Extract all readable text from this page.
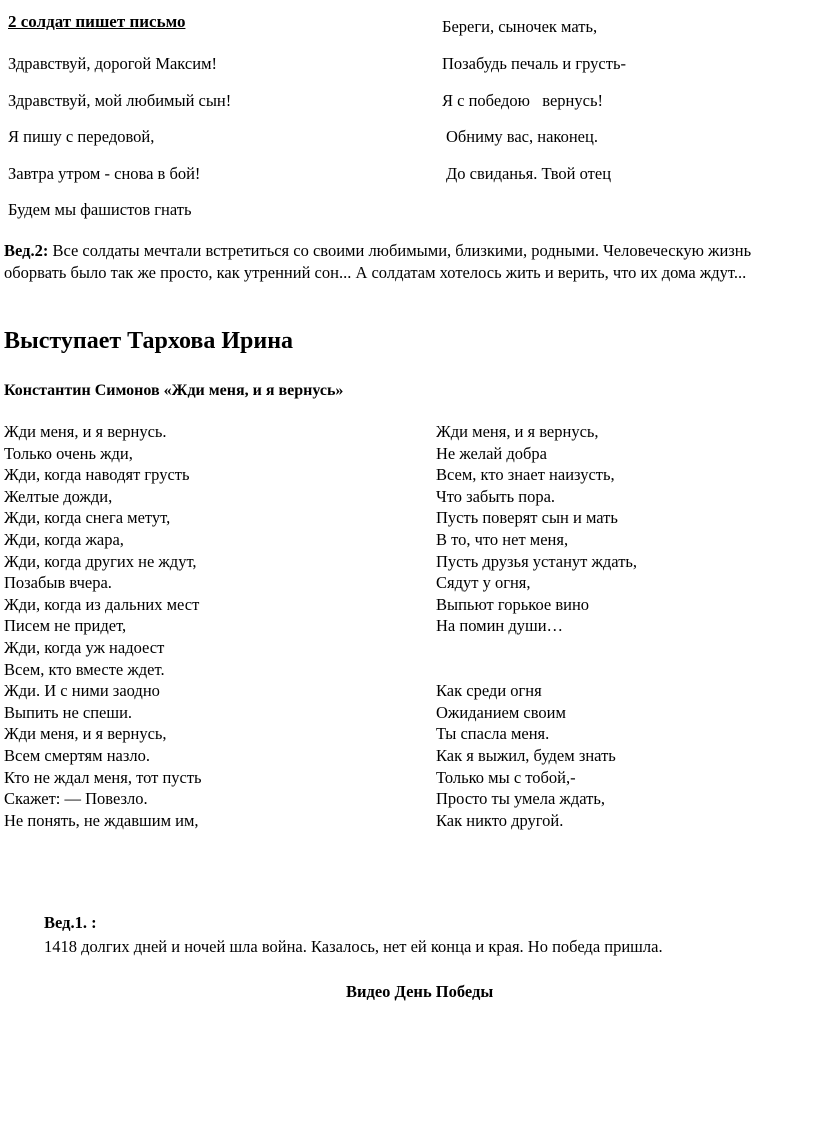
2 солдат пишет письмо
Здравствуй, дорогой Максим!
Здравствуй, мой любимый сын!
Я пишу с передовой,
Завтра утром - снова в бой!
Будем мы фашистов гнать
Береги, сыночек мать,
Позабудь печаль и грусть-
Я с победою   вернусь!
Обниму вас, наконец.
До свиданья. Твой отец
Вед.2: Все солдаты мечтали встретиться со своими любимыми, близкими, родными. Человеческую жизнь оборвать было так же просто, как утренний сон... А солдатам хотелось жить и верить, что их дома ждут...
Выступает Тархова Ирина
Константин Симонов «Жди меня, и я вернусь»
Жди меня, и я вернусь.
Только очень жди,
Жди, когда наводят грусть
Желтые дожди,
Жди, когда снега метут,
Жди, когда жара,
Жди, когда других не ждут,
Позабыв вчера.
Жди, когда из дальних мест
Писем не придет,
Жди, когда уж надоест
Всем, кто вместе ждет.
Жди. И с ними заодно
Выпить не спеши.
Жди меня, и я вернусь,
Всем смертям назло.
Кто не ждал меня, тот пусть
Скажет: — Повезло.
Не понять, не ждавшим им,
Жди меня, и я вернусь,
Не желай добра
Всем, кто знает наизусть,
Что забыть пора.
Пусть поверят сын и мать
В то, что нет меня,
Пусть друзья устанут ждать,
Сядут у огня,
Выпьют горькое вино
На помин души…
Как среди огня
Ожиданием своим
Ты спасла меня.
Как я выжил, будем знать
Только мы с тобой,-
Просто ты умела ждать,
Как никто другой.
Вед.1. :
1418 долгих дней и ночей шла война. Казалось, нет ей конца и края. Но победа пришла.
Видео День Победы
